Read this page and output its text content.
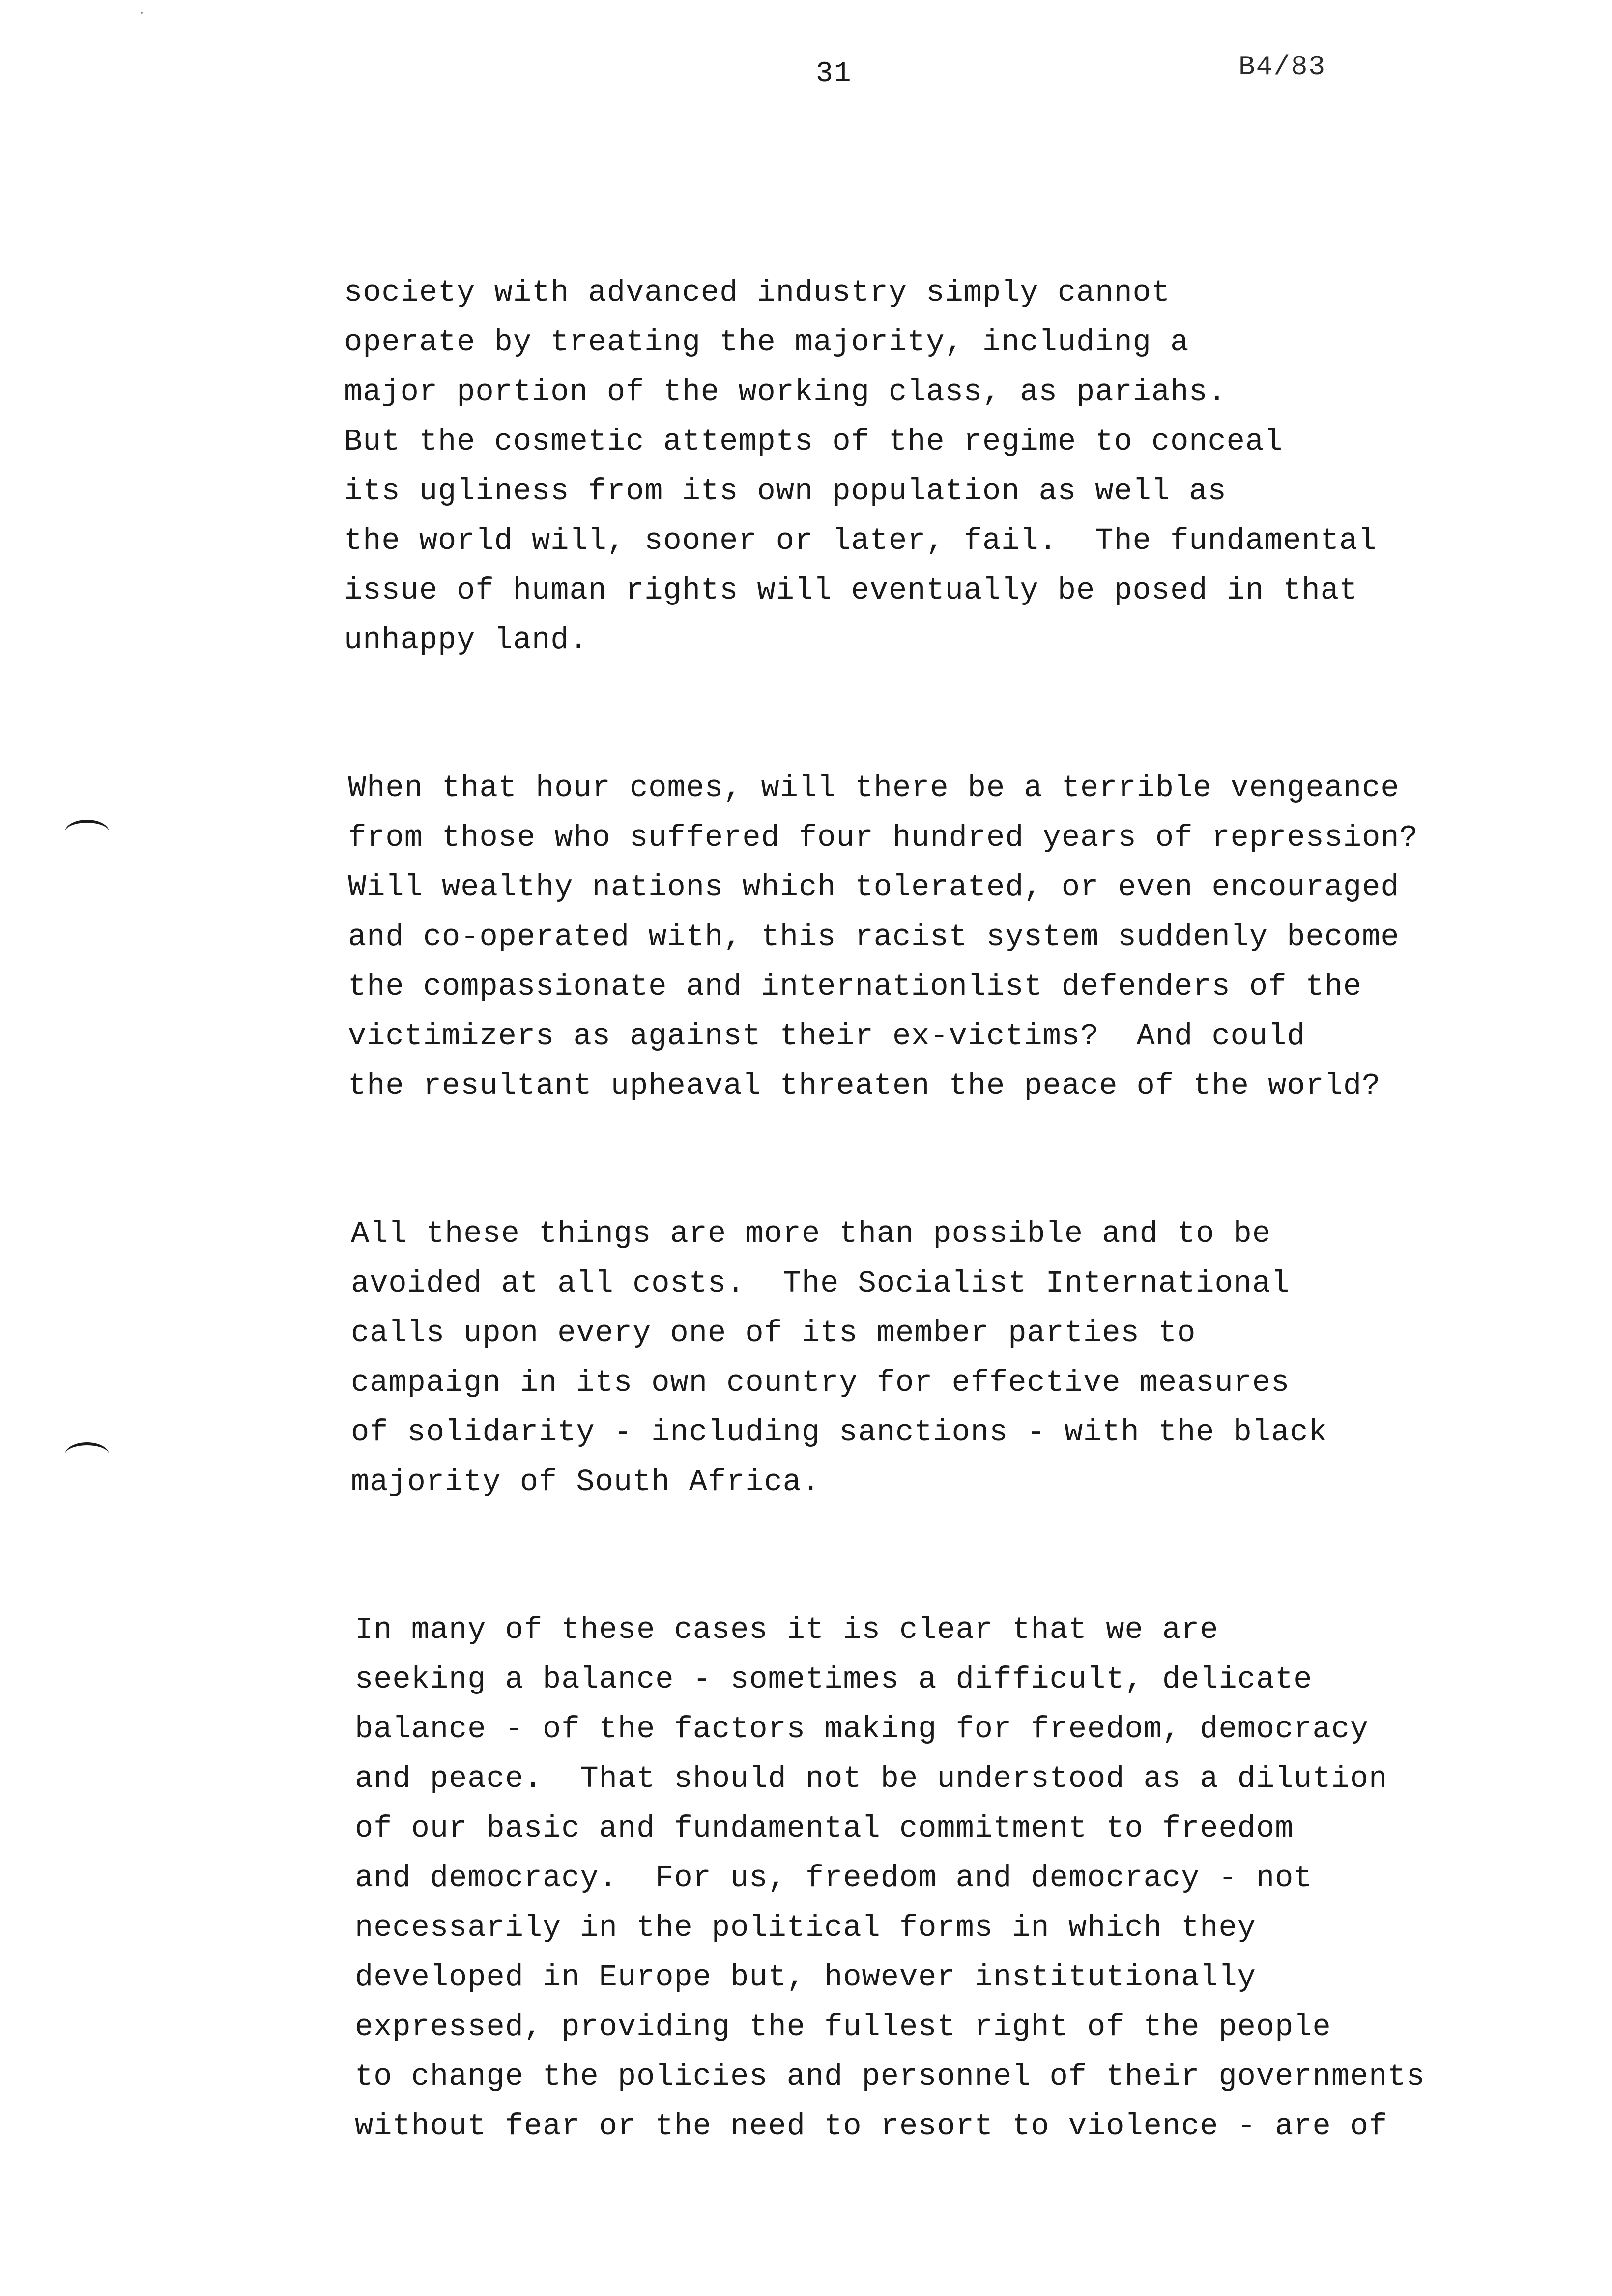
31	B4/83
society with advanced industry simply cannot
operate by treating the majority, including a
major portion of the working class, as pariahs.
But the cosmetic attempts of the regime to conceal
its ugliness from its own population as well as
the world will, sooner or later, fail.  The fundamental
issue of human rights will eventually be posed in that
unhappy land.
When that hour comes, will there be a terrible vengeance
from those who suffered four hundred years of repression?
Will wealthy nations which tolerated, or even encouraged
and co-operated with, this racist system suddenly become
the compassionate and internationlist defenders of the
victimizers as against their ex-victims?  And could
the resultant upheaval threaten the peace of the world?
All these things are more than possible and to be
avoided at all costs.  The Socialist International
calls upon every one of its member parties to
campaign in its own country for effective measures
of solidarity - including sanctions - with the black
majority of South Africa.
In many of these cases it is clear that we are
seeking a balance - sometimes a difficult, delicate
balance - of the factors making for freedom, democracy
and peace.  That should not be understood as a dilution
of our basic and fundamental commitment to freedom
and democracy.  For us, freedom and democracy - not
necessarily in the political forms in which they
developed in Europe but, however institutionally
expressed, providing the fullest right of the people
to change the policies and personnel of their governments
without fear or the need to resort to violence - are of
